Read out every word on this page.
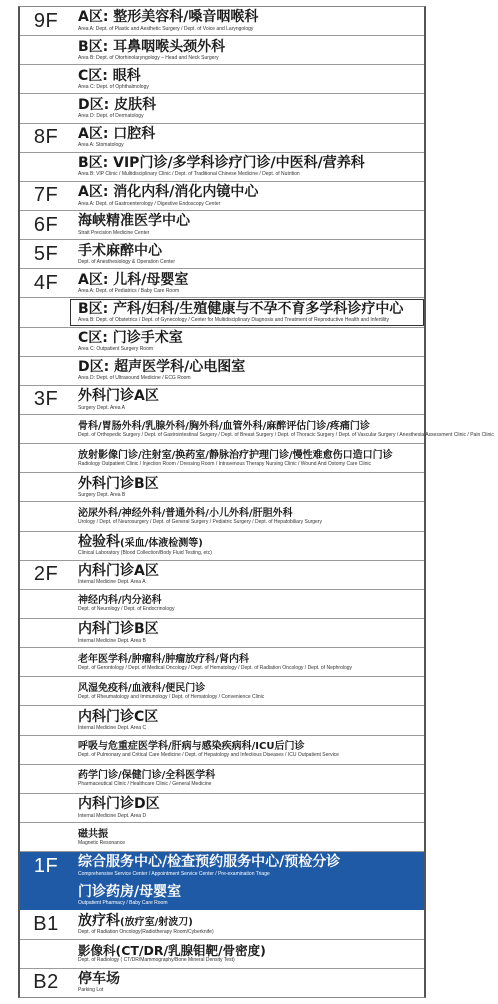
9F	A区: 整形美容科/嗓音咽喉科
Area A: Dept. of Plastic and Aesthetic Surgery / Dept. of Voice and Laryngology
B区: 耳鼻咽喉头颈外科
Area B: Dept. of Otorhinolaryngology – Head and Neck Surgery
C区: 眼科
Area C: Dept. of Ophthalmology
D区: 皮肤科
Area D: Dept. of Dermatology
8F	A区: 口腔科
Area A: Stomatology
B区: VIP门诊/多学科诊疗门诊/中医科/营养科
Area B: VIP Clinic / Multidisciplinary Clinic / Dept. of Traditional Chinese Medicine / Dept. of Nutrition
7F	A区: 消化内科/消化内镜中心
Area A: Dept. of Gastroenterology / Digestive Endoscopy Center
6F	海峡精准医学中心
Strait Precision Medicine Center
5F	手术麻醉中心
Dept. of Anesthesiology & Operation Center
4F	A区: 儿科/母婴室
Area A: Dept. of Pediatrics / Baby Care Room
B区: 产科/妇科/生殖健康与不孕不育多学科诊疗中心
Area B: Dept. of Obstetrics / Dept. of Gynecology / Center for Multidisciplinary Diagnosis and Treatment of Reproductive Health and Infertility
C区: 门诊手术室
Area C: Outpatient Surgery Room
D区: 超声医学科/心电图室
Area D: Dept. of Ultrasound Medicine / ECG Room
3F	外科门诊A区
Surgery Dept. Area A
骨科/胃肠外科/乳腺外科/胸外科/血管外科/麻醉评估门诊/疼痛门诊
Dept. of Orthopedic Surgery / Dept. of Gastrointestinal Surgery / Dept. of Breast Surgery / Dept. of Thoracic Surgery / Dept. of Vascular Surgery / Anesthesia Assessment Clinic / Pain Clinic
放射影像门诊/注射室/换药室/静脉治疗护理门诊/慢性难愈伤口造口门诊
Radiology Outpatient Clinic / Injection Room / Dressing Room / Intravenous Therapy Nursing Clinic / Wound And Ostomy Care Clinic
外科门诊B区
Surgery Dept. Area B
泌尿外科/神经外科/普通外科/小儿外科/肝胆外科
Urology / Dept. of Neurosurgery / Dept. of General Surgery / Pediatric Surgery / Dept. of Hepatobiliary Surgery
检验科(采血/体液检测等)
Clinical Laboratory (Blood Collection/Body Fluid Testing, etc)
2F	内科门诊A区
Internal Medicine Dept. Area A
神经内科/内分泌科
Dept. of Neurology / Dept. of Endocrinology
内科门诊B区
Internal Medicine Dept. Area B
老年医学科/肿瘤科/肿瘤放疗科/肾内科
Dept. of Gerontology / Dept. of Medical Oncology / Dept. of Hematology / Dept. of Radiation Oncology / Dept. of Nephrology
风湿免疫科/血液科/便民门诊
Dept. of Rheumatology and Immunology / Dept. of Hematology / Convenience Clinic
内科门诊C区
Internal Medicine Dept. Area C
呼吸与危重症医学科/肝病与感染疾病科/ICU后门诊
Dept. of Pulmonary and Critical Care Medicine / Dept. of Hepatology and Infectious Diseases / ICU Outpatient Service
药学门诊/保健门诊/全科医学科
Pharmaceutical Clinic / Healthcare Clinic / General Medicine
内科门诊D区
Internal Medicine Dept. Area D
磁共振
Magnetic Resonance
1F	综合服务中心/检查预约服务中心/预检分诊
Comprehensive Service Center / Appointment Service Center / Pre-examination Triage
门诊药房/母婴室
Outpatient Pharmacy / Baby Care Room
B1	放疗科(放疗室/射波刀)
Dept. of Radiation Oncology(Radiotherapy Room/Cyberknife)
影像科(CT/DR/乳腺钼靶/骨密度)
Dept. of Radiology ( CT/DR/Mammography/Bone Mineral Density Test)
B2	停车场
Parking Lot
